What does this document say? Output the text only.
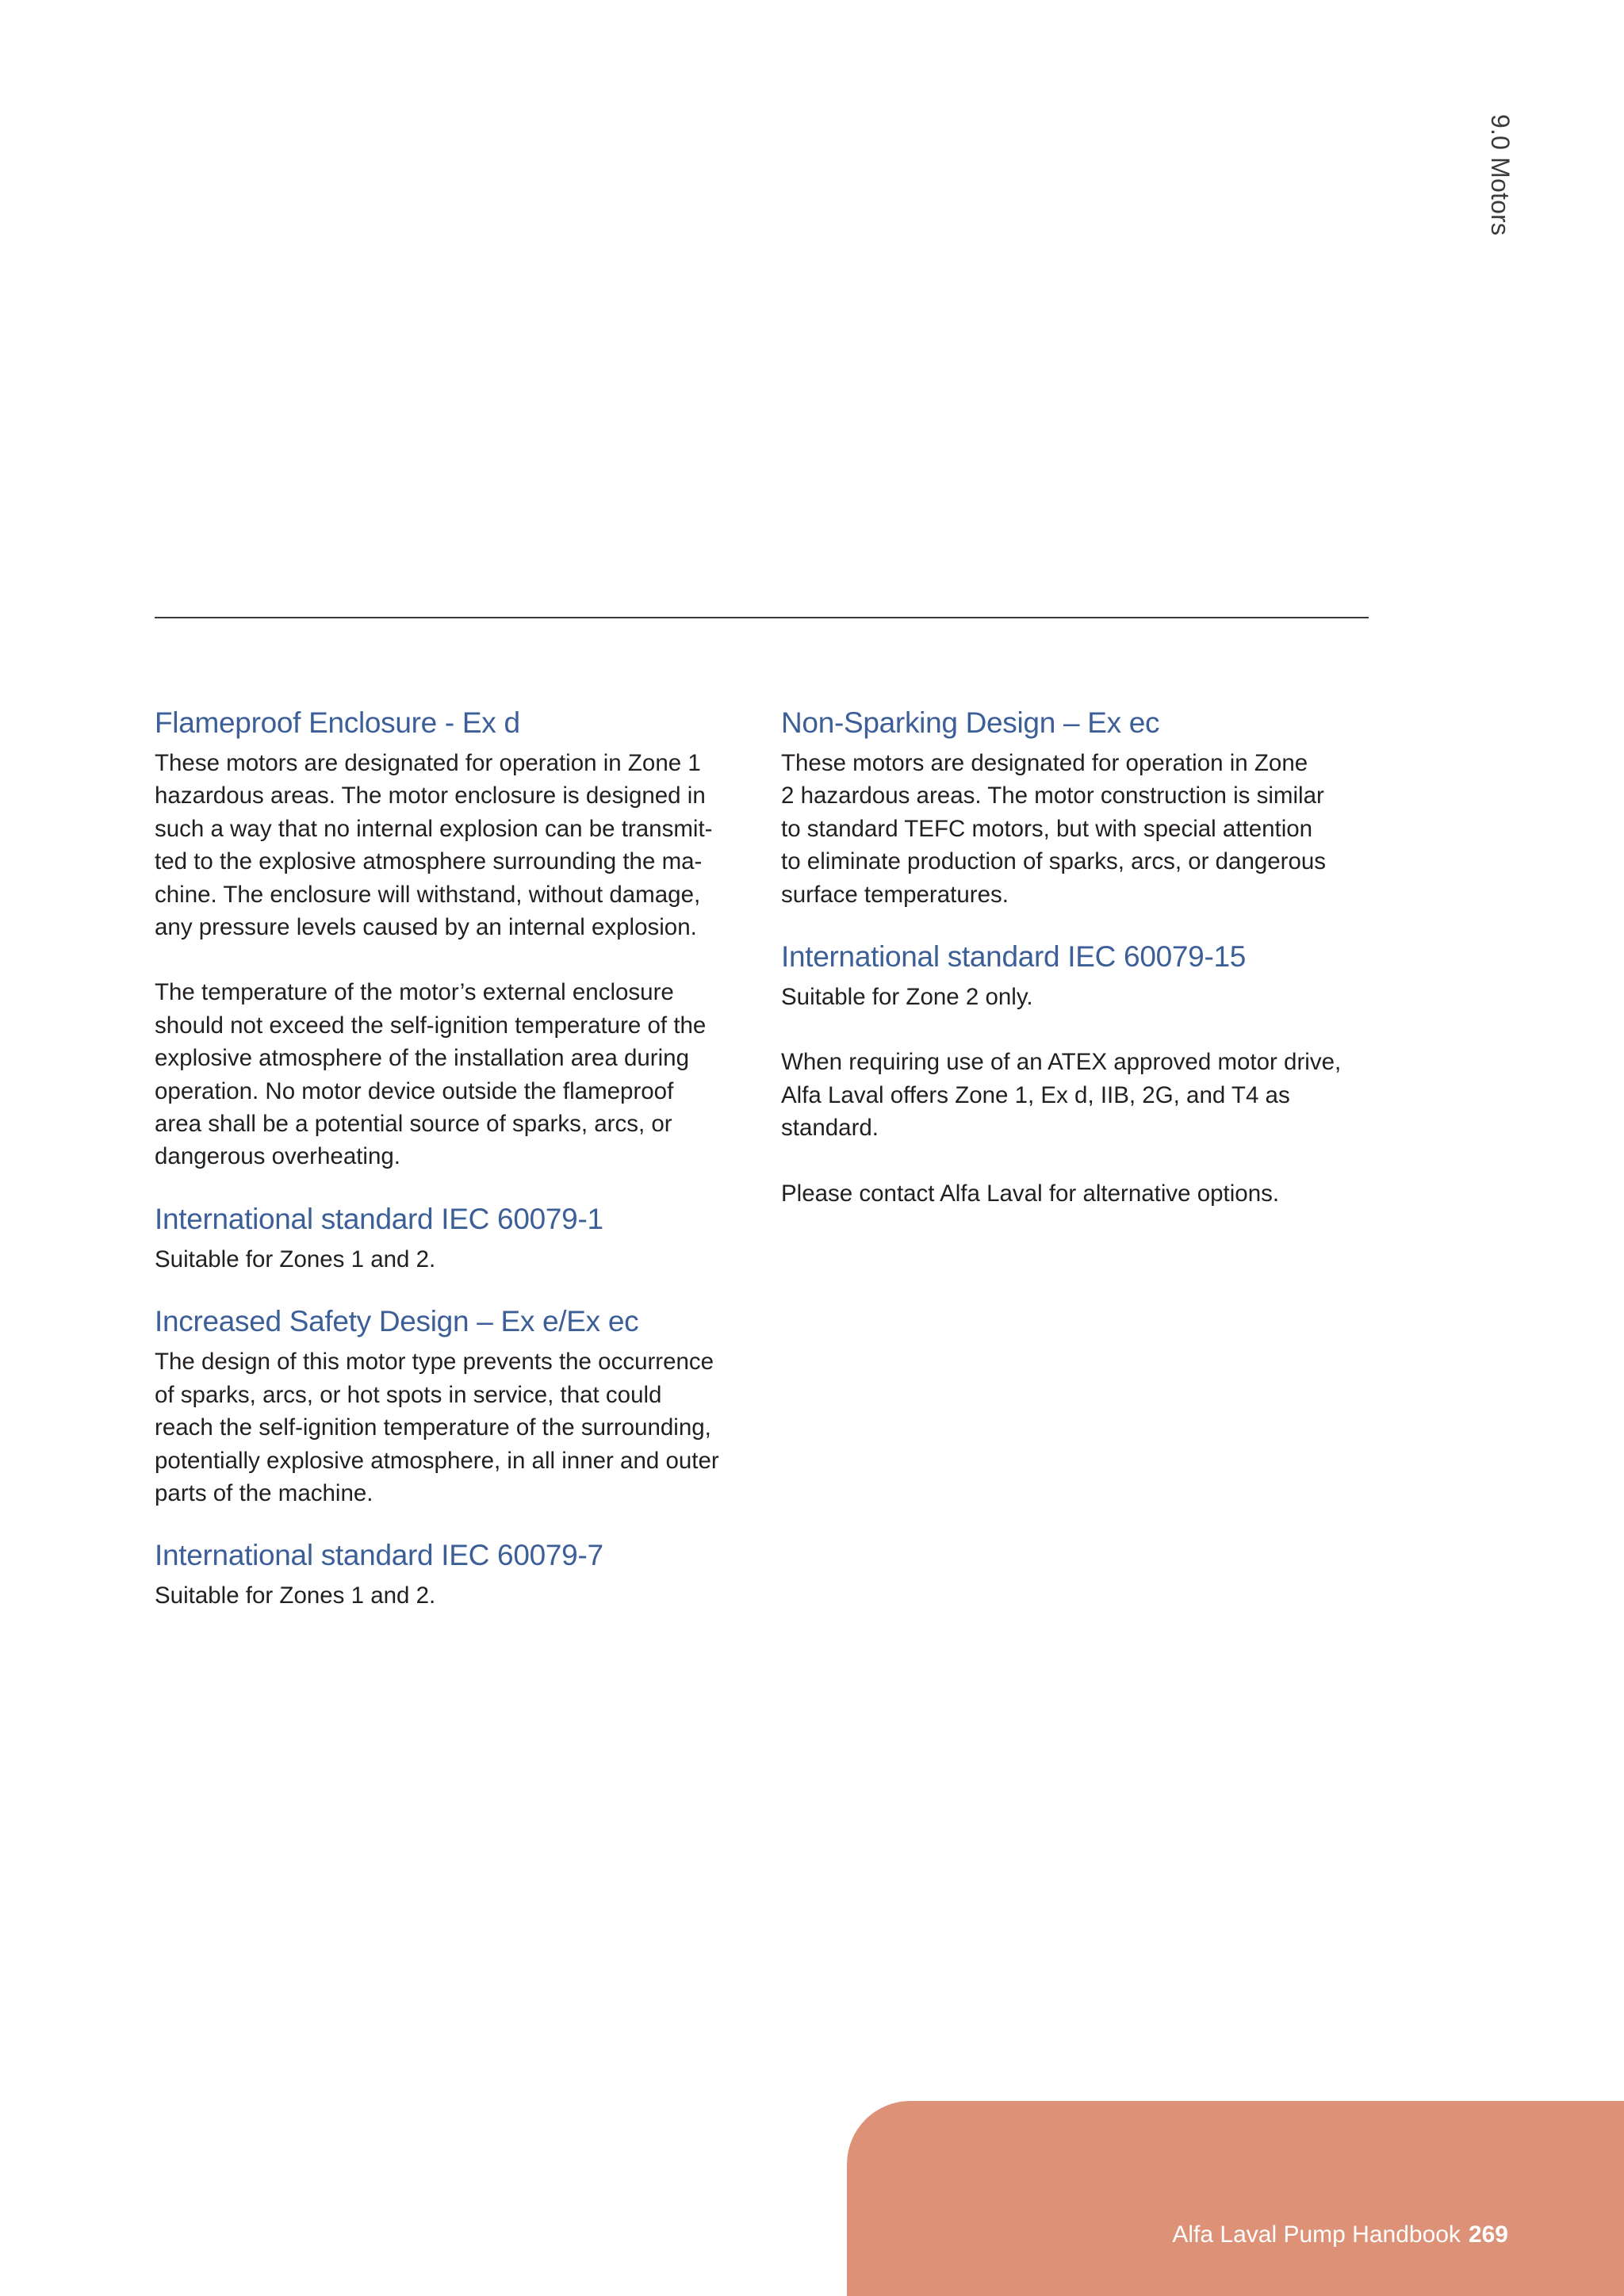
9.0 Motors
Flameproof Enclosure - Ex d

These motors are designated for operation in Zone 1
hazardous areas. The motor enclosure is designed in
such a way that no internal explosion can be transmit-
ted to the explosive atmosphere surrounding the ma-
chine. The enclosure will withstand, without damage,
any pressure levels caused by an internal explosion.

The temperature of the motor’s external enclosure
should not exceed the self-ignition temperature of the
explosive atmosphere of the installation area during
operation. No motor device outside the flameproof
area shall be a potential source of sparks, arcs, or
dangerous overheating.

International standard IEC 60079-1

Suitable for Zones 1 and 2.

Increased Safety Design – Ex e/Ex ec

The design of this motor type prevents the occurrence
of sparks, arcs, or hot spots in service, that could
reach the self-ignition temperature of the surrounding,
potentially explosive atmosphere, in all inner and outer
parts of the machine.

International standard IEC 60079-7

Suitable for Zones 1 and 2.

Non-Sparking Design – Ex ec

These motors are designated for operation in Zone
2 hazardous areas. The motor construction is similar
to standard TEFC motors, but with special attention
to eliminate production of sparks, arcs, or dangerous
surface temperatures.

International standard IEC 60079-15

Suitable for Zone 2 only.

When requiring use of an ATEX approved motor drive,
Alfa Laval offers Zone 1, Ex d, IIB, 2G, and T4 as
standard.

Please contact Alfa Laval for alternative options.

Alfa Laval Pump Handbook 269
